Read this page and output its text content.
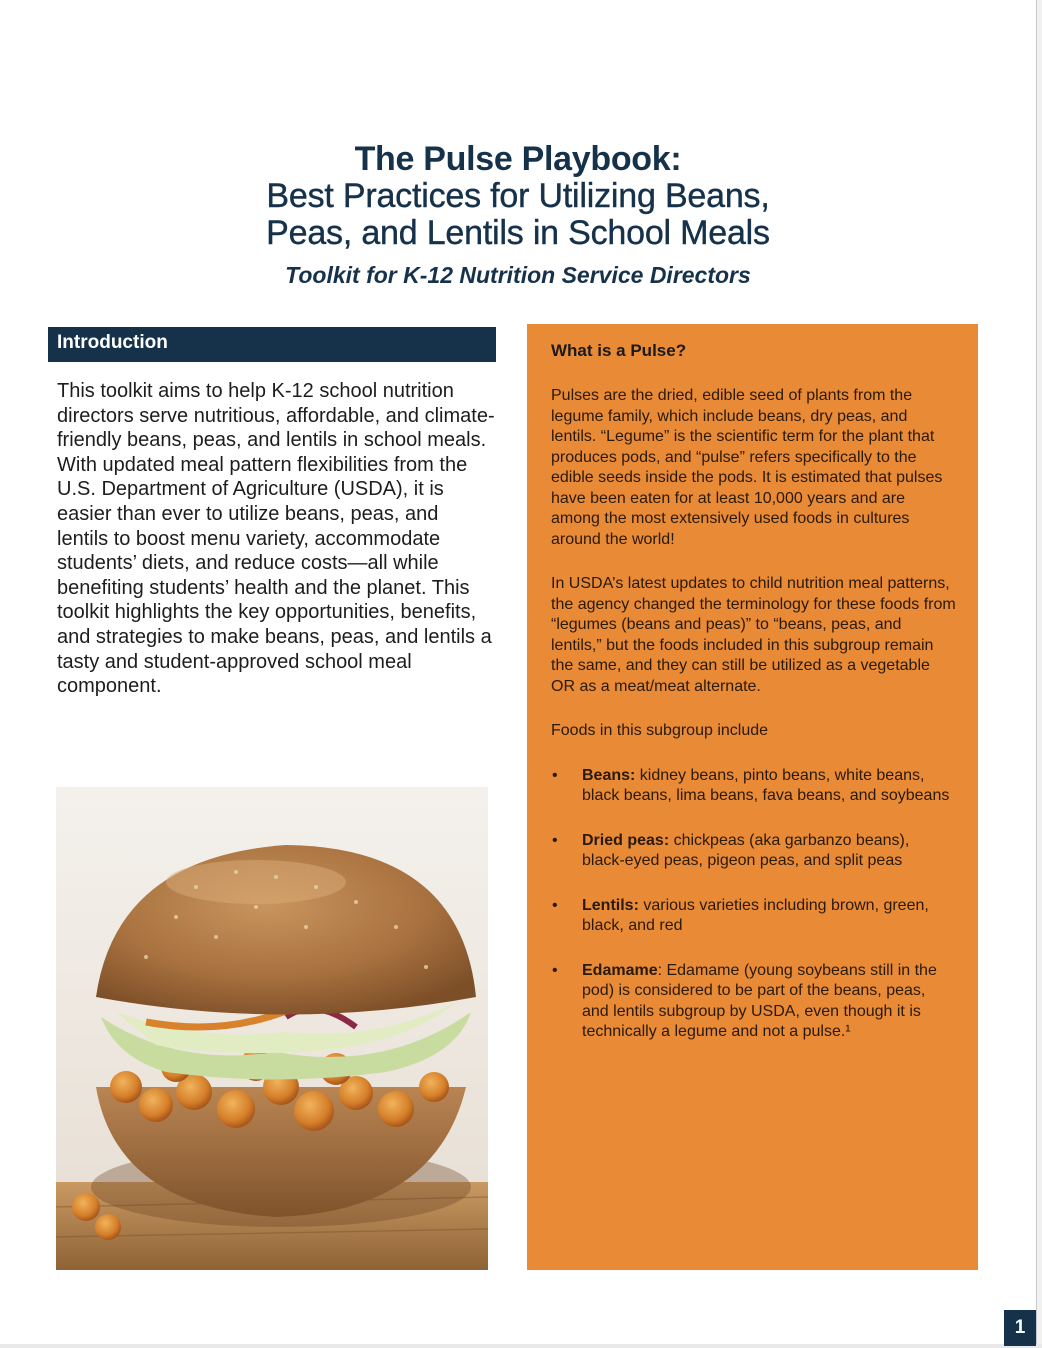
The Pulse Playbook:
Best Practices for Utilizing Beans,
Peas, and Lentils in School Meals
Toolkit for K-12 Nutrition Service Directors
Introduction

This toolkit aims to help K-12 school nutrition directors serve nutritious, affordable, and climate-friendly beans, peas, and lentils in school meals. With updated meal pattern flexibilities from the U.S. Department of Agriculture (USDA), it is easier than ever to utilize beans, peas, and lentils to boost menu variety, accommodate students’ diets, and reduce costs—all while benefiting students’ health and the planet. This toolkit highlights the key opportunities, benefits, and strategies to make beans, peas, and lentils a tasty and student-approved school meal component.

What is a Pulse?

Pulses are the dried, edible seed of plants from the legume family, which include beans, dry peas, and lentils. “Legume” is the scientific term for the plant that produces pods, and “pulse” refers specifically to the edible seeds inside the pods. It is estimated that pulses have been eaten for at least 10,000 years and are among the most extensively used foods in cultures around the world!

In USDA’s latest updates to child nutrition meal patterns, the agency changed the terminology for these foods from “legumes (beans and peas)” to “beans, peas, and lentils,” but the foods included in this subgroup remain the same, and they can still be utilized as a vegetable OR as a meat/meat alternate.

Foods in this subgroup include

• Beans: kidney beans, pinto beans, white beans, black beans, lima beans, fava beans, and soybeans
• Dried peas: chickpeas (aka garbanzo beans), black-eyed peas, pigeon peas, and split peas
• Lentils: various varieties including brown, green, black, and red
• Edamame: Edamame (young soybeans still in the pod) is considered to be part of the beans, peas, and lentils subgroup by USDA, even though it is technically a legume and not a pulse.¹
1
